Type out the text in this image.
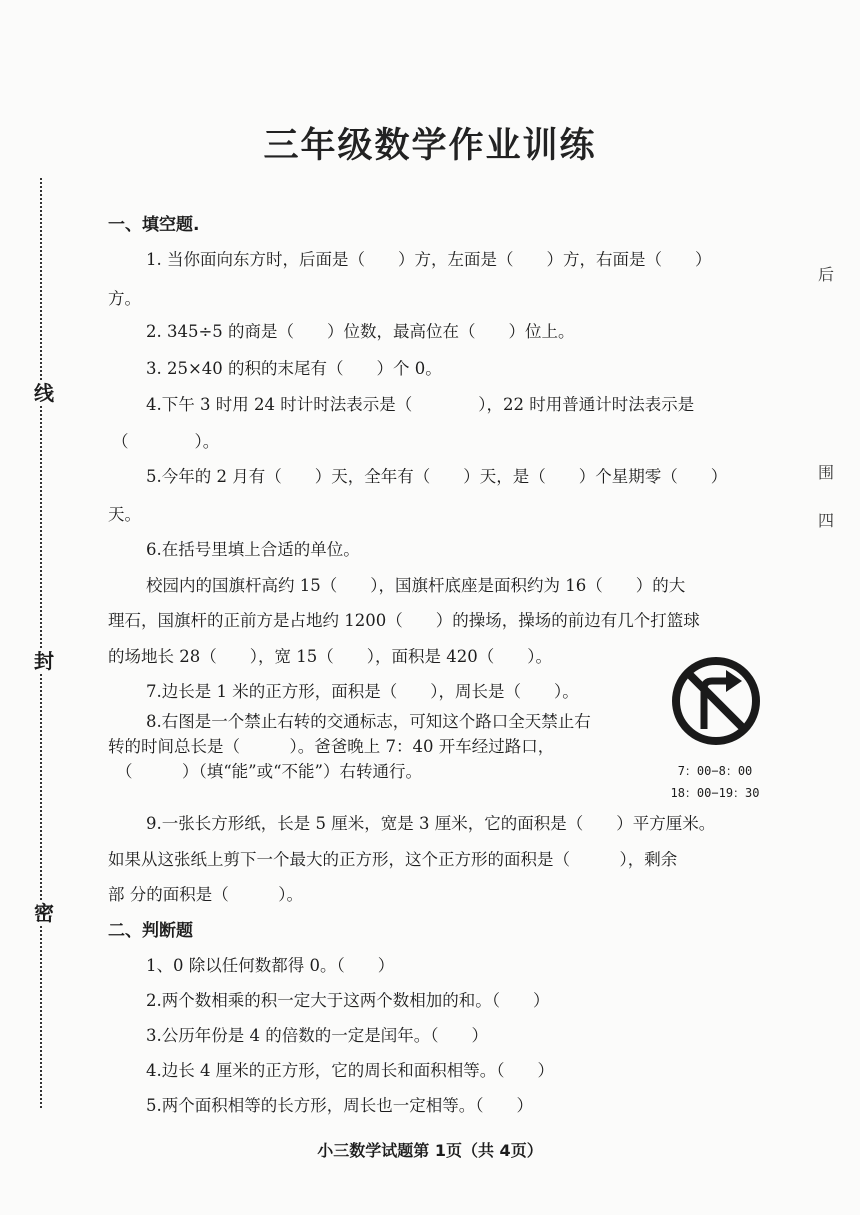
线
封
密
后
围
四
三年级数学作业训练
一、填空题.
1. 当你面向东方时，后面是（　　）方，左面是（　　）方，右面是（　　）
方。
2. 345÷5 的商是（　　）位数，最高位在（　　）位上。
3. 25×40 的积的末尾有（　　）个 0。
4.下午 3 时用 24 时计时法表示是（　　　　），22 时用普通计时法表示是
（　　　　）。
5.今年的 2 月有（　　）天，全年有（　　）天，是（　　）个星期零（　　）
天。
6.在括号里填上合适的单位。
校园内的国旗杆高约 15（　　），国旗杆底座是面积约为 16（　　）的大
理石，国旗杆的正前方是占地约 1200（　　）的操场，操场的前边有几个打篮球
的场地长 28（　　），宽 15（　　），面积是 420（　　）。
7.边长是 1 米的正方形，面积是（　　），周长是（　　）。
8.右图是一个禁止右转的交通标志，可知这个路口全天禁止右
转的时间总长是（　　　）。爸爸晚上 7：40 开车经过路口，
（　　　）（填“能”或“不能”）右转通行。	7：00−8：00
18：00−19：30
9.一张长方形纸，长是 5 厘米，宽是 3 厘米，它的面积是（　　）平方厘米。
如果从这张纸上剪下一个最大的正方形，这个正方形的面积是（　　　），剩余
部 分的面积是（　　　）。
二、判断题
1、0 除以任何数都得 0。（　　）
2.两个数相乘的积一定大于这两个数相加的和。（　　）
3.公历年份是 4 的倍数的一定是闰年。（　　）
4.边长 4 厘米的正方形，它的周长和面积相等。（　　）
5.两个面积相等的长方形，周长也一定相等。（　　）
小三数学试题第 1页（共 4页）
